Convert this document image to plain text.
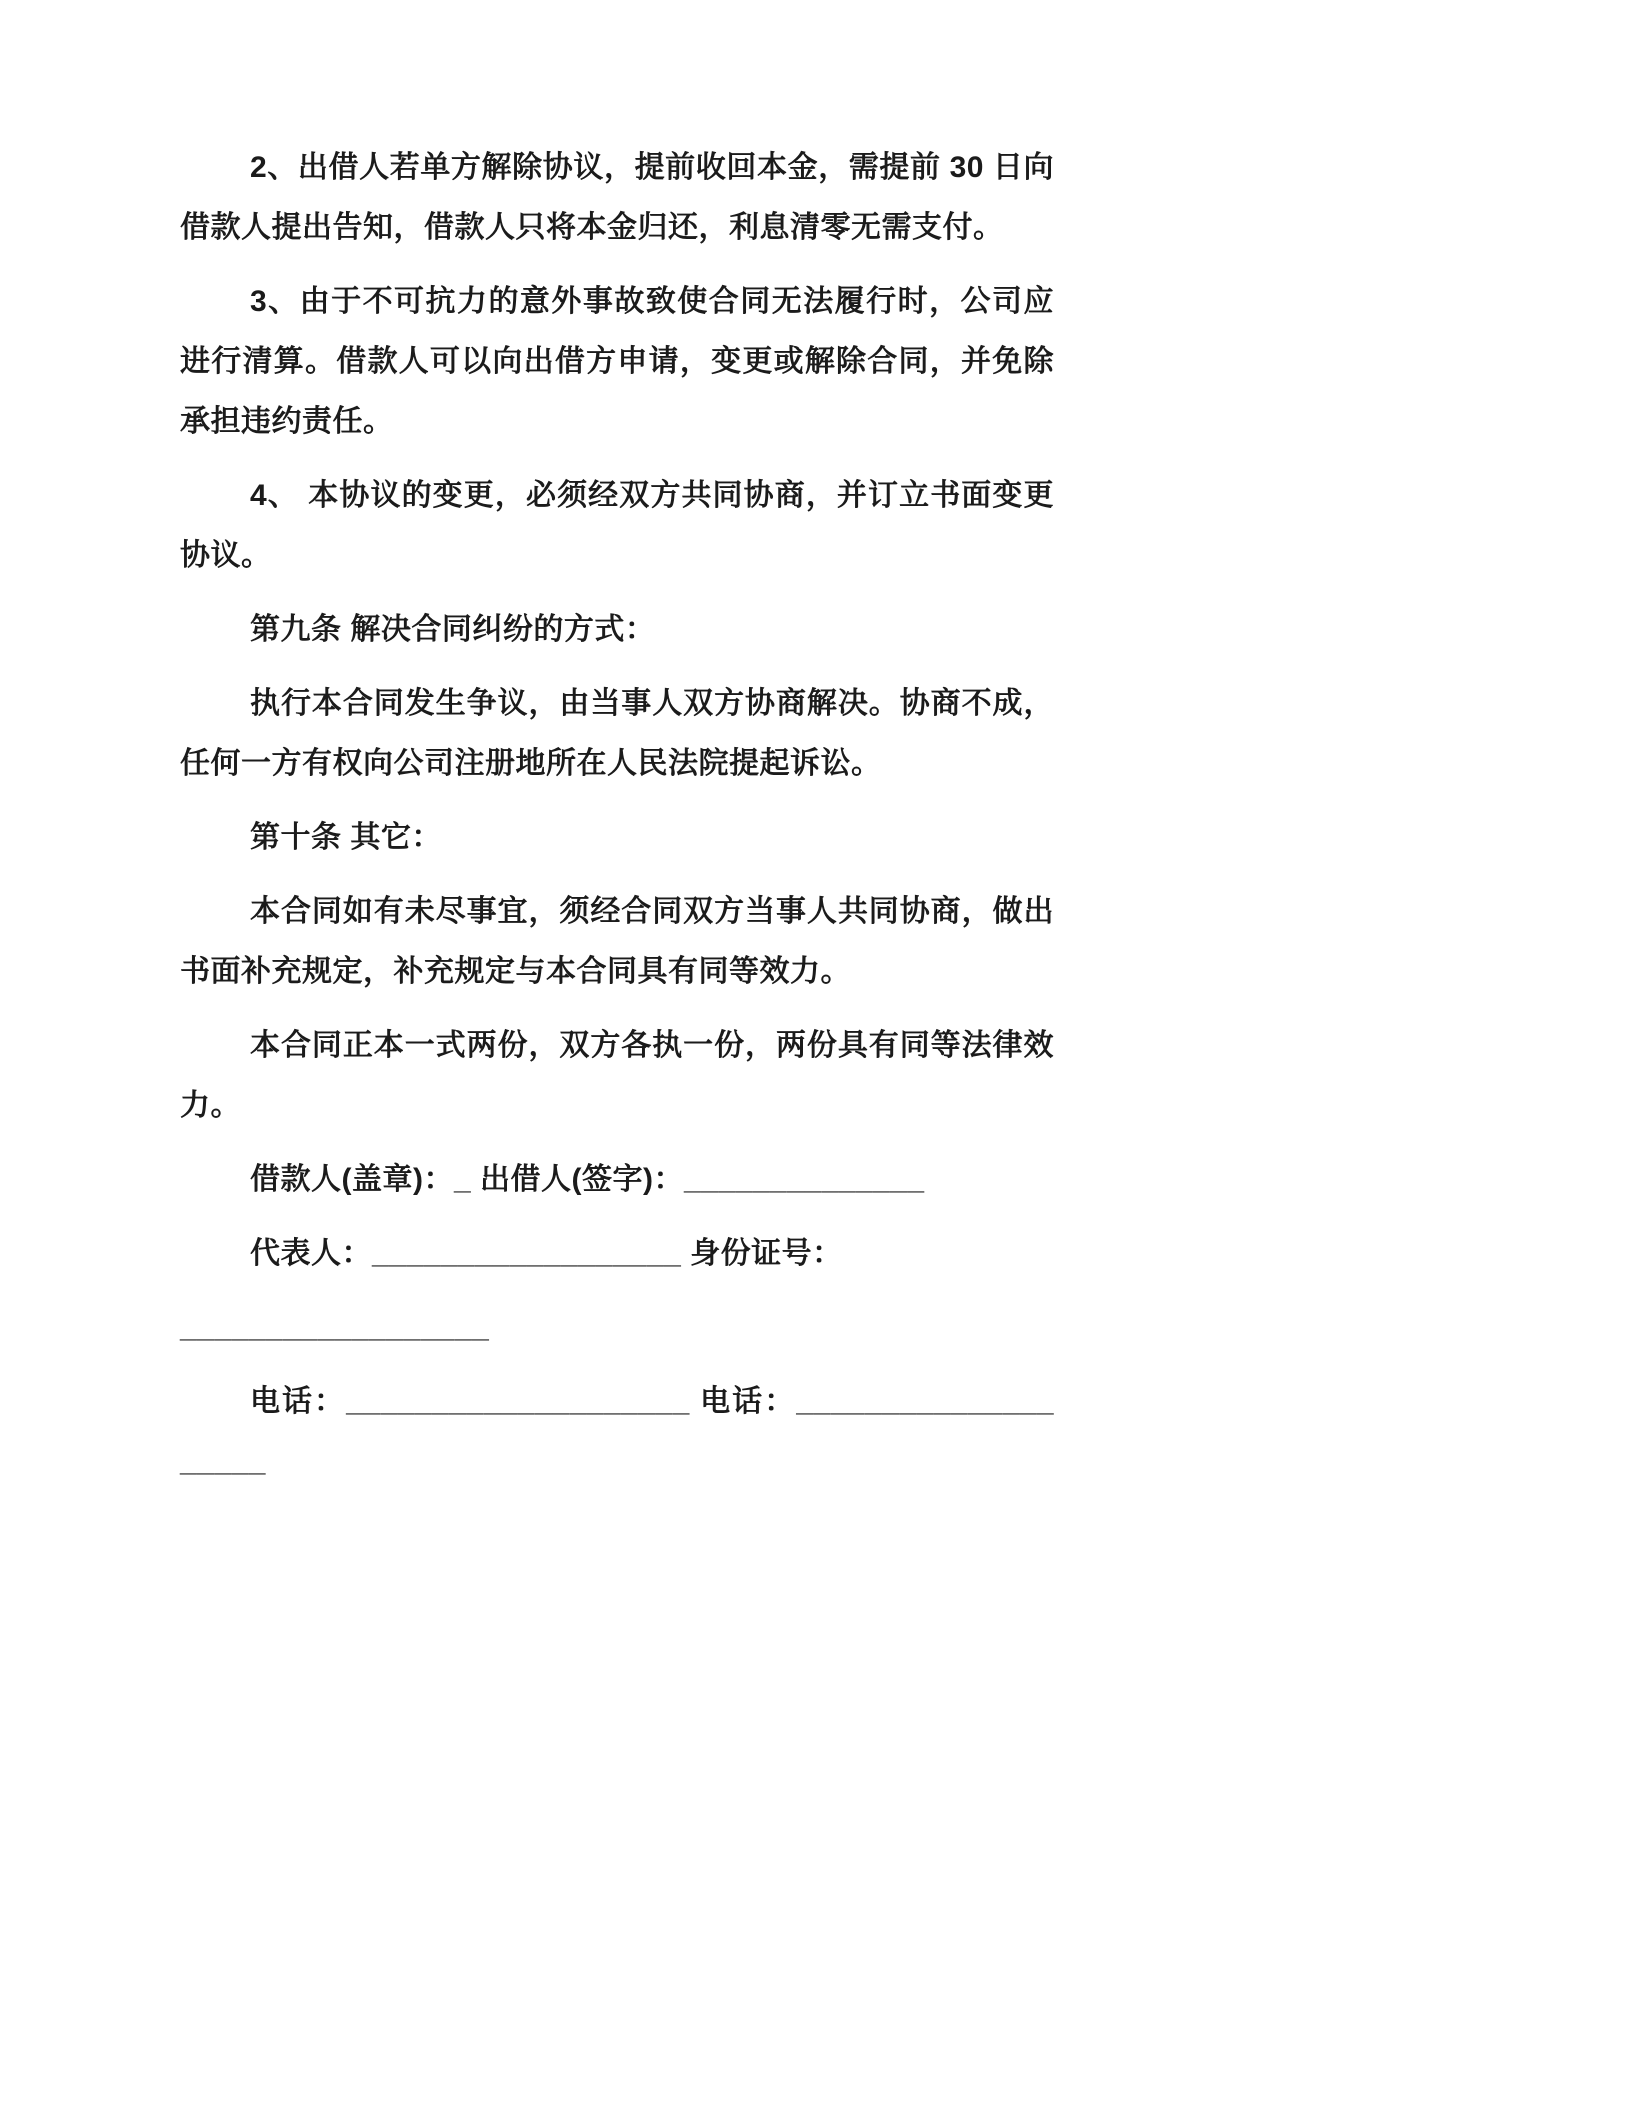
2、出借人若单方解除协议，提前收回本金，需提前 30 日向借款人提出告知，借款人只将本金归还，利息清零无需支付。

3、由于不可抗力的意外事故致使合同无法履行时，公司应进行清算。借款人可以向出借方申请，变更或解除合同，并免除承担违约责任。

4、 本协议的变更，必须经双方共同协商，并订立书面变更协议。

第九条 解决合同纠纷的方式：

执行本合同发生争议，由当事人双方协商解决。协商不成，任何一方有权向公司注册地所在人民法院提起诉讼。

第十条 其它：

本合同如有未尽事宜，须经合同双方当事人共同协商，做出书面补充规定，补充规定与本合同具有同等效力。

本合同正本一式两份，双方各执一份，两份具有同等法律效力。

借款人(盖章)：_ 出借人(签字)：______________

代表人：__________________ 身份证号：

__________________

电话：____________________ 电话：____________________
